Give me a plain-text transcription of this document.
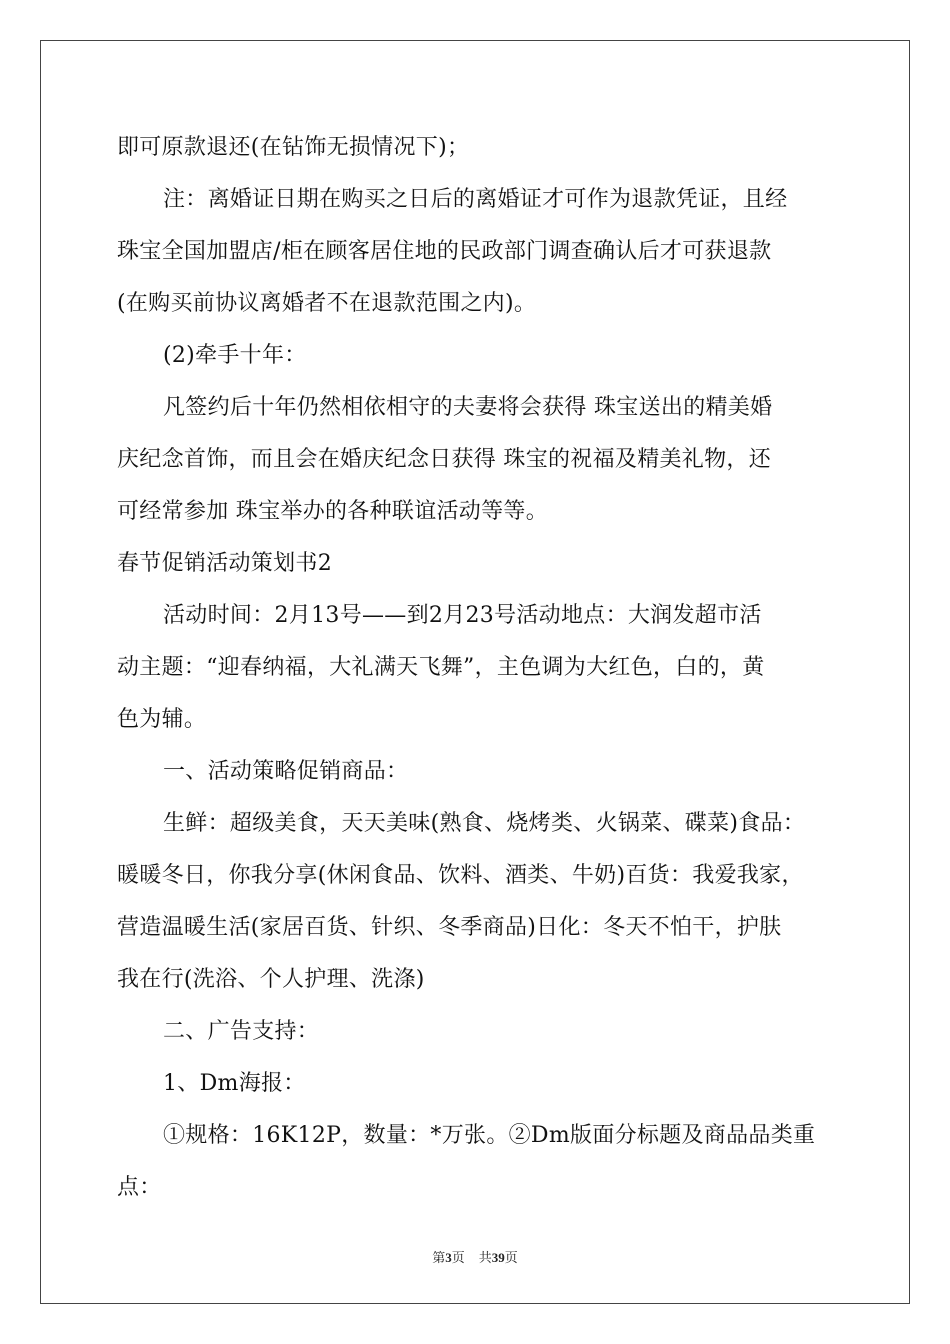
即可原款退还(在钻饰无损情况下)；
注：离婚证日期在购买之日后的离婚证才可作为退款凭证，且经
珠宝全国加盟店/柜在顾客居住地的民政部门调查确认后才可获退款
(在购买前协议离婚者不在退款范围之内)。
(2)牵手十年：
凡签约后十年仍然相依相守的夫妻将会获得 珠宝送出的精美婚
庆纪念首饰，而且会在婚庆纪念日获得 珠宝的祝福及精美礼物，还
可经常参加 珠宝举办的各种联谊活动等等。
春节促销活动策划书2
活动时间：2月13号——到2月23号活动地点：大润发超市活
动主题：“迎春纳福，大礼满天飞舞”，主色调为大红色，白的，黄
色为辅。
一、活动策略促销商品：
生鲜：超级美食，天天美味(熟食、烧烤类、火锅菜、碟菜)食品：
暖暖冬日，你我分享(休闲食品、饮料、酒类、牛奶)百货：我爱我家，
营造温暖生活(家居百货、针织、冬季商品)日化：冬天不怕干，护肤
我在行(洗浴、个人护理、洗涤)
二、广告支持：
1、Dm海报：
①规格：16K12P，数量：*万张。②Dm版面分标题及商品品类重
点：
第3页 共39页
